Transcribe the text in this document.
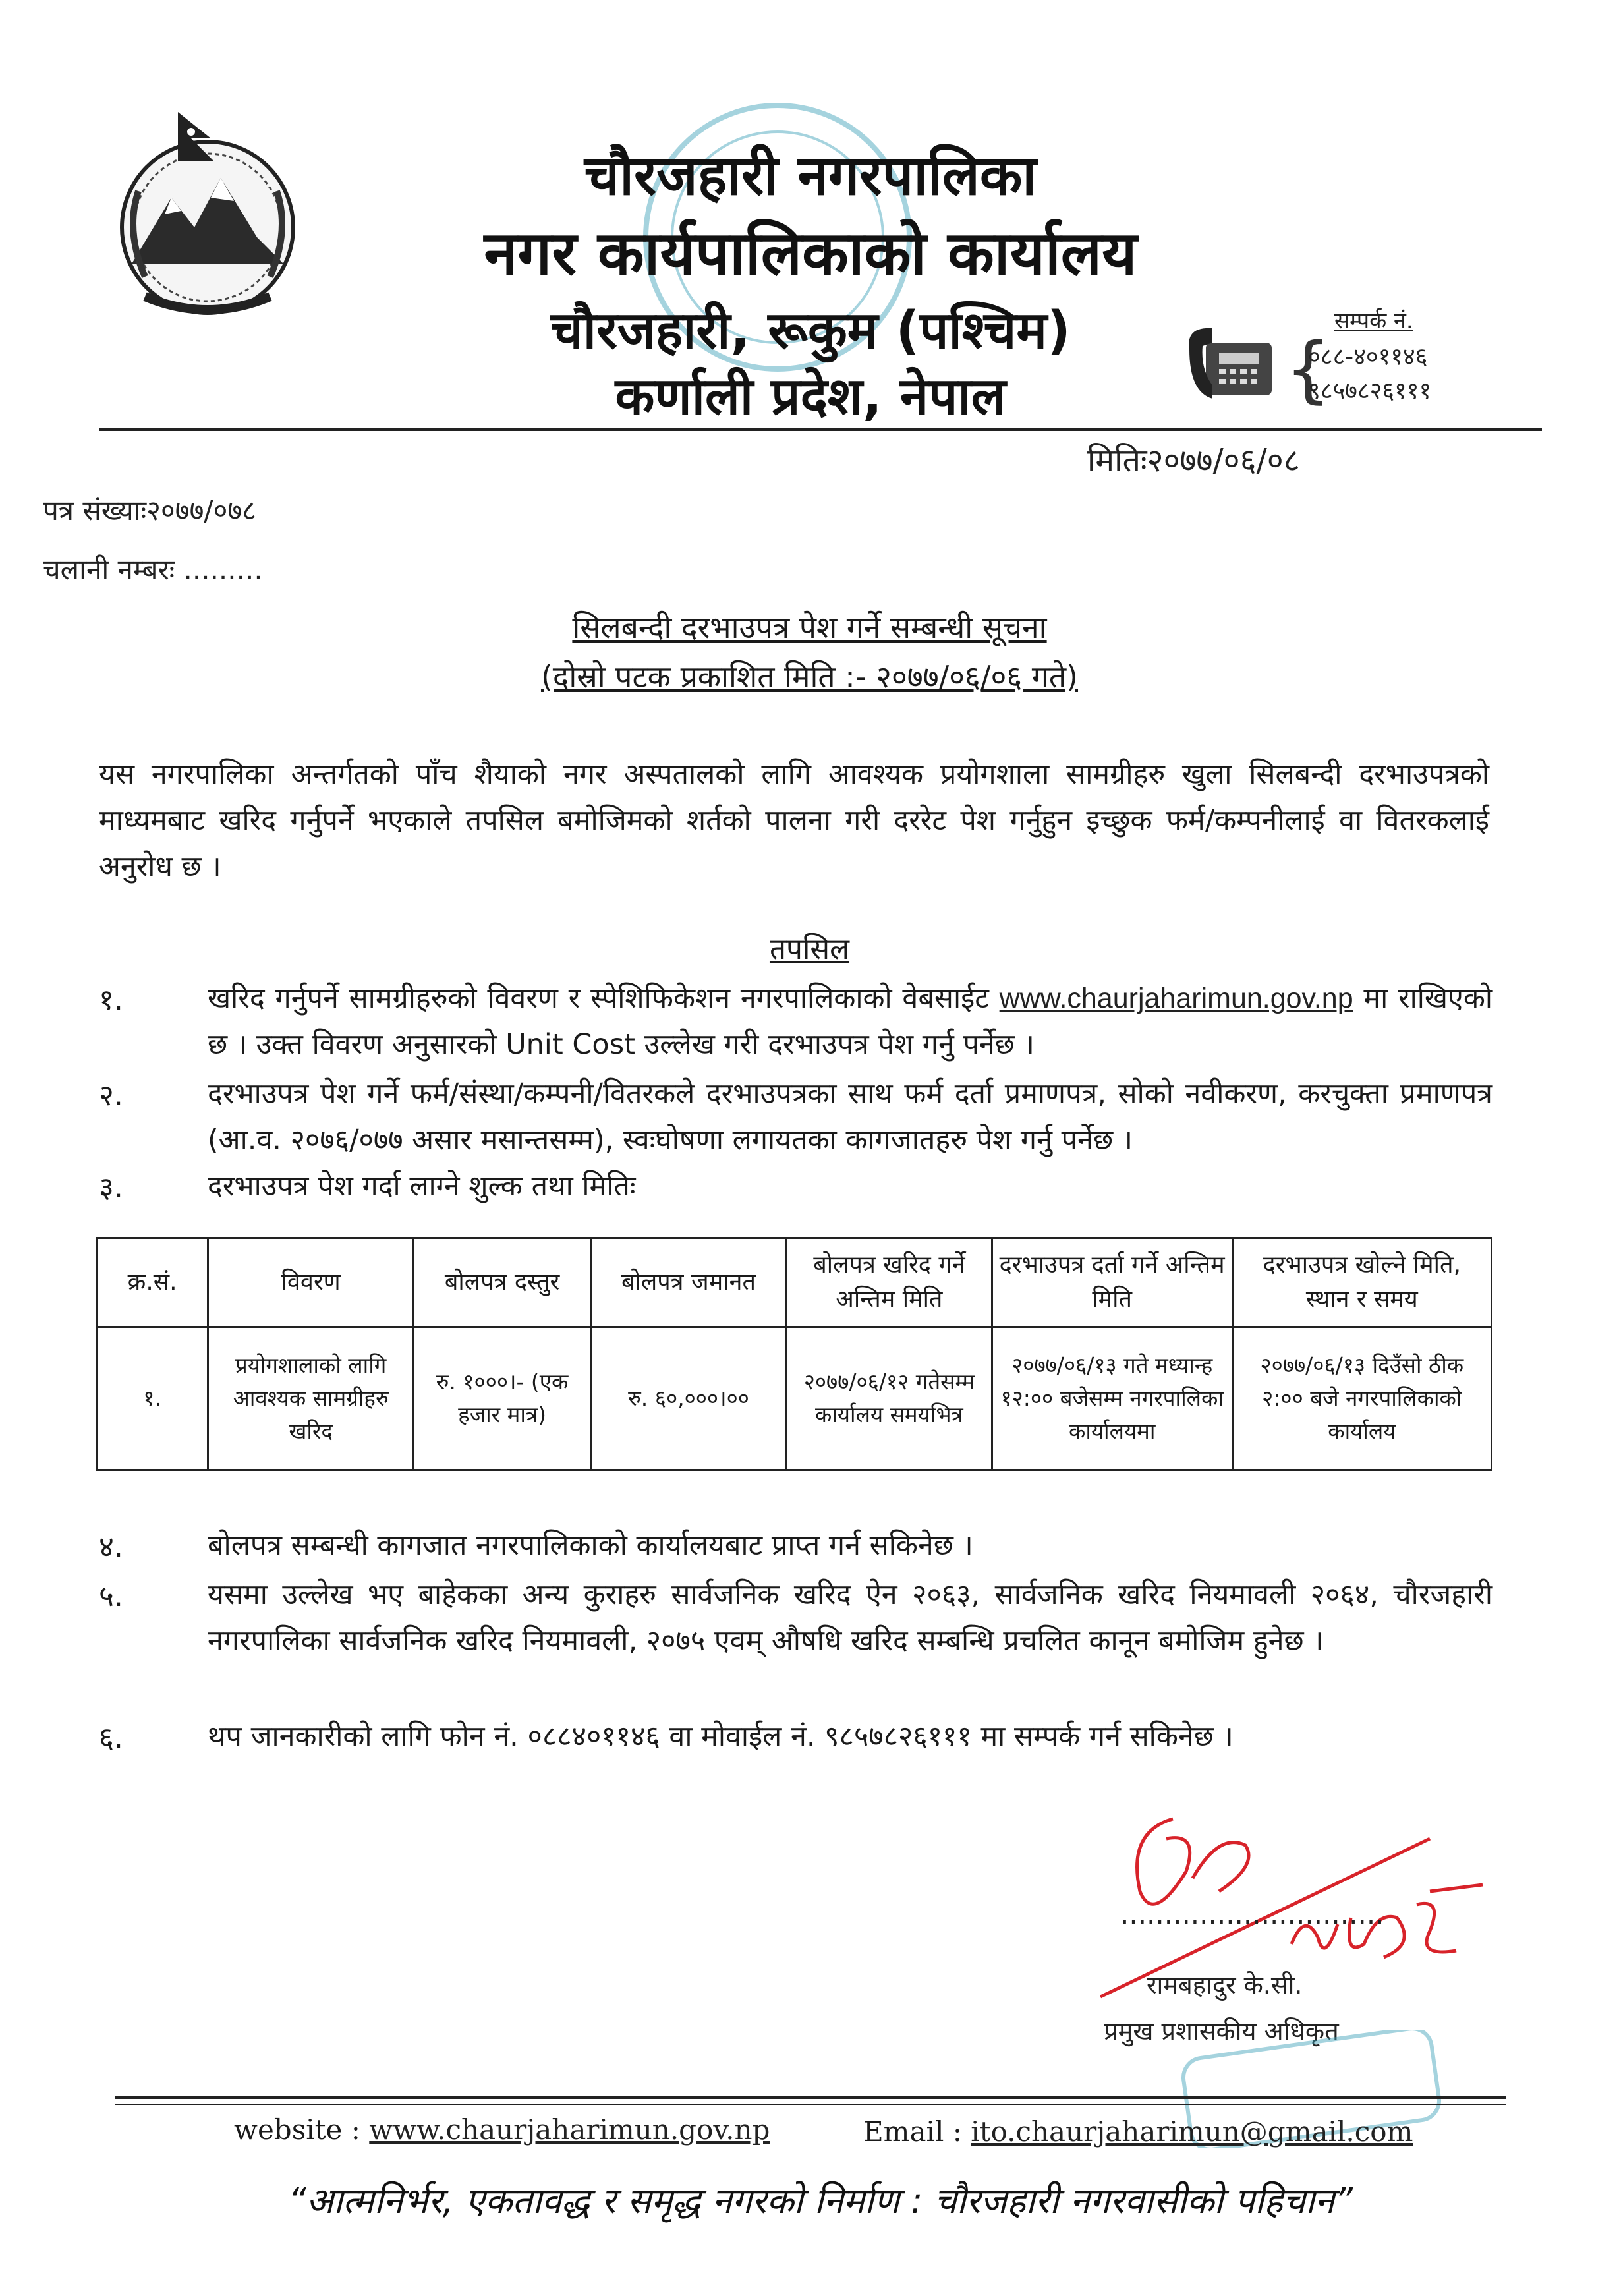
चौरजहारी नगरपालिका
नगर कार्यपालिकाको कार्यालय
चौरजहारी, रूकुम (पश्चिम)
कर्णाली प्रदेश, नेपाल
सम्पर्क नं.
{
०८८-४०११४६
९८५७८२६१११
मितिः२०७७/०६/०८
पत्र संख्याः२०७७/०७८
चलानी नम्बरः .........
सिलबन्दी दरभाउपत्र पेश गर्ने सम्बन्धी सूचना
(दोस्रो पटक प्रकाशित मिति :- २०७७/०६/०६ गते)
यस नगरपालिका अन्तर्गतको पाँच शैयाको नगर अस्पतालको लागि आवश्यक प्रयोगशाला सामग्रीहरु खुला सिलबन्दी दरभाउपत्रको माध्यमबाट खरिद गर्नुपर्ने भएकाले तपसिल बमोजिमको शर्तको पालना गरी दररेट पेश गर्नुहुन इच्छुक फर्म/कम्पनीलाई वा वितरकलाई अनुरोध छ ।
तपसिल
१.	खरिद गर्नुपर्ने सामग्रीहरुको विवरण र स्पेशिफिकेशन नगरपालिकाको वेबसाईट www.chaurjaharimun.gov.np मा राखिएको छ । उक्त विवरण अनुसारको Unit Cost उल्लेख गरी दरभाउपत्र पेश गर्नु पर्नेछ ।
२.	दरभाउपत्र पेश गर्ने फर्म/संस्था/कम्पनी/वितरकले दरभाउपत्रका साथ फर्म दर्ता प्रमाणपत्र, सोको नवीकरण, करचुक्ता प्रमाणपत्र (आ.व. २०७६/०७७ असार मसान्तसम्म), स्वःघोषणा लगायतका कागजातहरु पेश गर्नु पर्नेछ ।
३.	दरभाउपत्र पेश गर्दा लाग्ने शुल्क तथा मितिः
क्र.सं.	विवरण	बोलपत्र दस्तुर	बोलपत्र जमानत	बोलपत्र खरिद गर्ने अन्तिम मिति	दरभाउपत्र दर्ता गर्ने अन्तिम मिति	दरभाउपत्र खोल्ने मिति, स्थान र समय
१.	प्रयोगशालाको लागि आवश्यक सामग्रीहरु खरिद	रु. १०००।- (एक हजार मात्र)	रु. ६०,०००।००	२०७७/०६/१२ गतेसम्म कार्यालय समयभित्र	२०७७/०६/१३ गते मध्यान्ह १२:०० बजेसम्म नगरपालिका कार्यालयमा	२०७७/०६/१३ दिउँसो ठीक २:०० बजे नगरपालिकाको कार्यालय
४.	बोलपत्र सम्बन्धी कागजात नगरपालिकाको कार्यालयबाट प्राप्त गर्न सकिनेछ ।
५.	यसमा उल्लेख भए बाहेकका अन्य कुराहरु सार्वजनिक खरिद ऐन २०६३, सार्वजनिक खरिद नियमावली २०६४, चौरजहारी नगरपालिका सार्वजनिक खरिद नियमावली, २०७५ एवम् औषधि खरिद सम्बन्धि प्रचलित कानून बमोजिम हुनेछ ।
६.	थप जानकारीको लागि फोन नं. ०८८४०११४६ वा मोवाईल नं. ९८५७८२६१११ मा सम्पर्क गर्न सकिनेछ ।
..............................
रामबहादुर के.सी.
प्रमुख प्रशासकीय अधिकृत
website : www.chaurjaharimun.gov.np	Email : ito.chaurjaharimun@gmail.com
“आत्मनिर्भर, एकतावद्ध र समृद्ध नगरको निर्माण : चौरजहारी नगरवासीको पहिचान”
